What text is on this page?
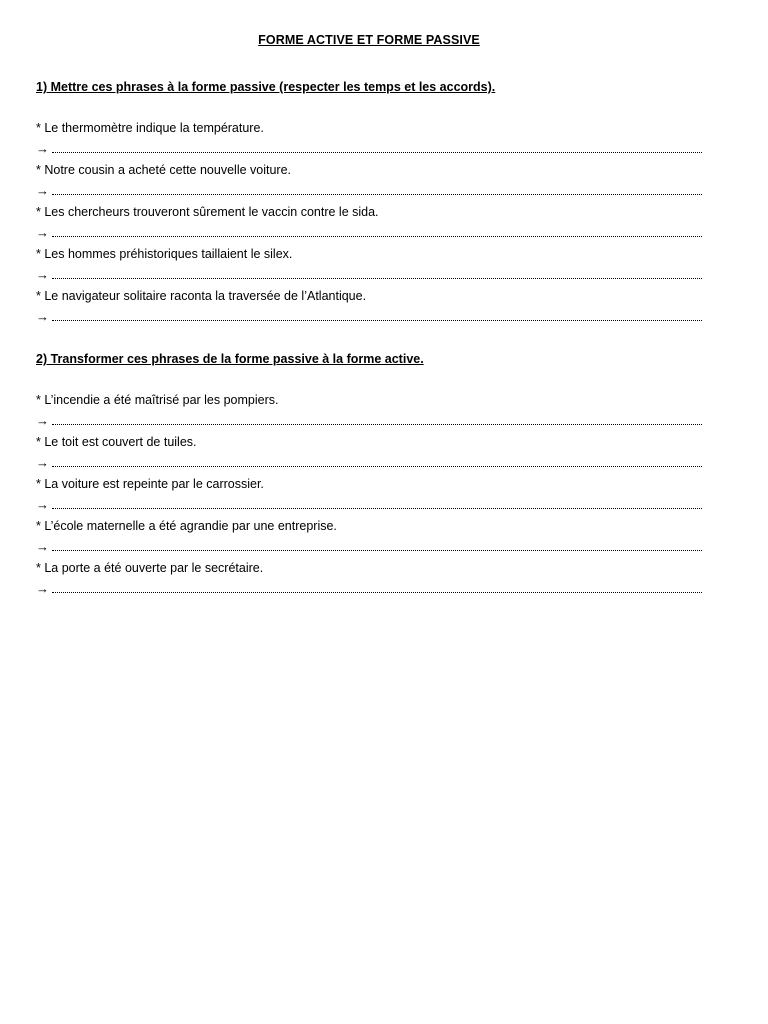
FORME ACTIVE ET FORME PASSIVE
1) Mettre ces phrases à la forme passive (respecter les temps et les accords).
* Le thermomètre indique la température.
→
* Notre cousin a acheté cette nouvelle voiture.
→
* Les chercheurs trouveront sûrement le vaccin contre le sida.
→
* Les hommes préhistoriques taillaient le silex.
→
* Le navigateur solitaire raconta la traversée de l’Atlantique.
→
2) Transformer ces phrases de la forme passive à la forme active.
* L’incendie a été maîtrisé par les pompiers.
→
* Le toit est couvert de tuiles.
→
* La voiture est repeinte par le carrossier.
→
* L’école maternelle a été agrandie par une entreprise.
→
* La porte a été ouverte par le secrétaire.
→
